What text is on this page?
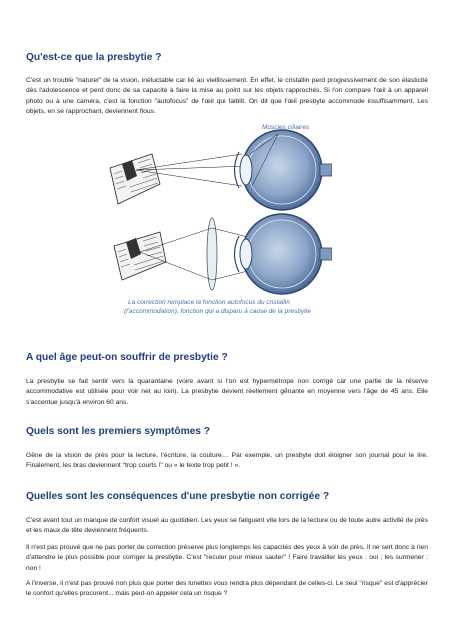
Qu'est-ce que la presbytie ?

C'est un trouble "naturel" de la vision, inéluctable car lié au vieillissement. En effet, le cristallin perd progressivement de son élasticité dès l'adolescence et perd donc de sa capacité à faire la mise au point sur les objets rapprochés. Si l'on compare l'œil à un appareil photo ou à une caméra, c'est la fonction "autofocus" de l'œil qui faiblit. On dit que l'œil presbyte accommode insuffisamment. Les objets, en se rapprochant, deviennent flous.

Muscles ciliaires
La correction remplace la fonction autofocus du cristallin
(l'accommodation), fonction qui a disparu à cause de la presbytie
A quel âge peut-on souffrir de presbytie ?

La presbytie se fait sentir vers la quarantaine (voire avant si l'on est hypermétrope non corrigé car une partie de la réserve accommodative est utilisée pour voir net au loin). La presbytie devient réellement gênante en moyenne vers l'âge de 45 ans. Elle s'accentue jusqu'à environ 60 ans.

Quels sont les premiers symptômes ?

Gêne de la vision de près pour la lecture, l'écriture, la couture… Par exemple, un presbyte doit éloigner son journal pour le lire. Finalement, les bras deviennent "trop courts !" ou « le texte trop petit ! ».

Quelles sont les conséquences d'une presbytie non corrigée ?

C'est avant tout un manque de confort visuel au quotidien. Les yeux se fatiguent vite lors de la lecture ou de toute autre activité de près et les maux de tête deviennent fréquents.

Il n'est pas prouvé que ne pas porter de correction préserve plus longtemps les capacités des yeux à voir de près. Il ne sert donc à rien d'attendre le plus possible pour corriger la presbytie. C'est "reculer pour mieux sauter" ! Faire travailler les yeux : oui ; les surmener : non !

A l'inverse, il n'est pas prouvé non plus que porter des lunettes vous rendra plus dépendant de celles-ci. Le seul "risque" est d'apprécier le confort qu'elles procurent... mais peut-on appeler cela un risque ?
